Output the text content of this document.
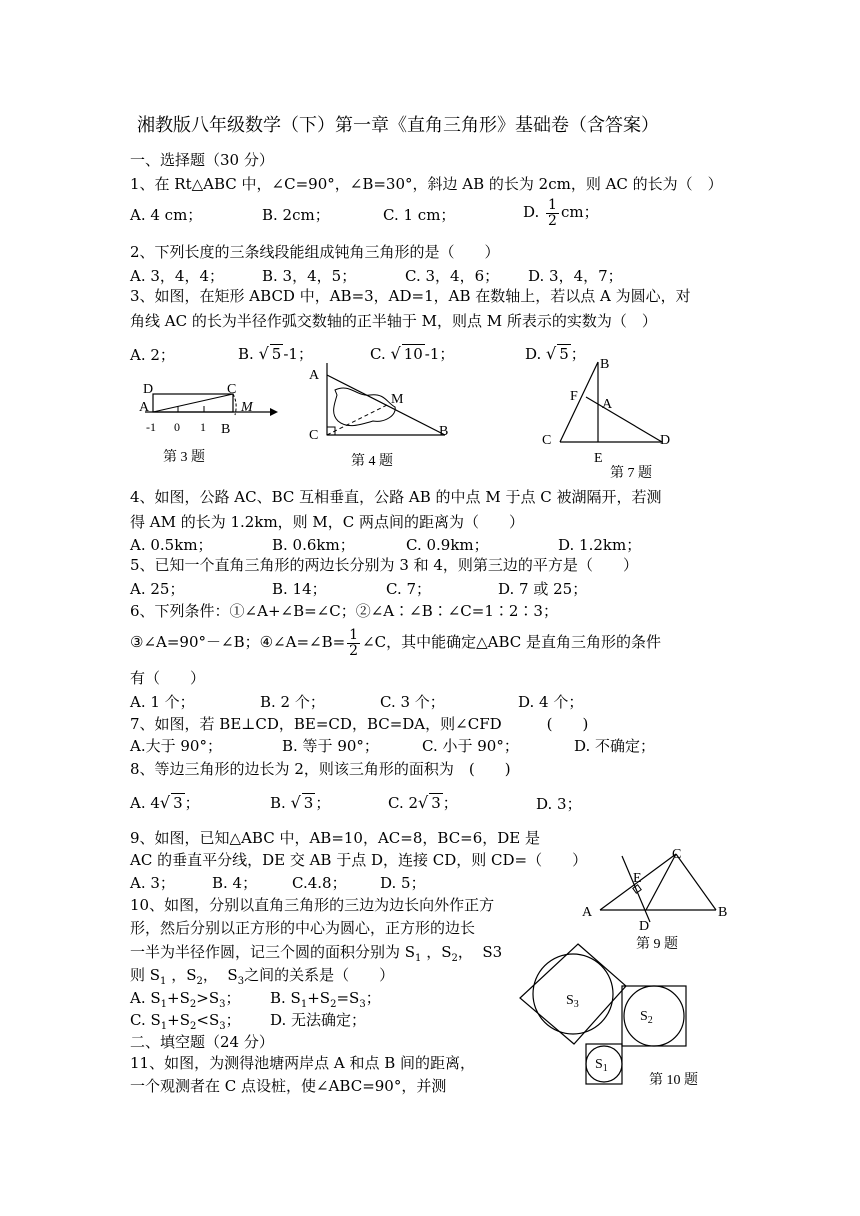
湘教版八年级数学（下）第一章《直角三角形》基础卷（含答案）
一、选择题（30 分）
1、在 Rt△ABC 中，∠C=90°，∠B=30°，斜边 AB 的长为 2cm，则 AC 的长为（　）
A. 4 cm；	B. 2cm；	C. 1 cm；	D. $\frac{1}{2}$ cm；
2、下列长度的三条线段能组成钝角三角形的是（　　）
A. 3，4，4；	B. 3，4，5；	C. 3，4，6； D. 3，4，7；
3、如图，在矩形 ABCD 中，AB=3，AD=1，AB 在数轴上，若以点 A 为圆心，对
角线 AC 的长为半径作弧交数轴的正半轴于 M，则点 M 所表示的实数为（　）
A. 2；	B. √ 5 -1；	C. √ 10 -1；	D. √ 5 ；
D	C
A	M
-1 0 1 B
第 3 题
A
M
C	B
第 4 题
B
F
A
C	D
E
第 7 题
4、如图，公路 AC、BC 互相垂直，公路 AB 的中点 M 于点 C 被湖隔开，若测
得 AM 的长为 1.2km，则 M，C 两点间的距离为（　　）
A. 0.5km；	B. 0.6km；	C. 0.9km；	D. 1.2km；
5、已知一个直角三角形的两边长分别为 3 和 4，则第三边的平方是（　　）
A. 25；	B. 14；	C. 7；	D. 7 或 25；
6、下列条件：①∠A+∠B=∠C；②∠A∶∠B∶∠C=1∶2∶3；
③∠A=90°－∠B；④∠A=∠B= $\frac{1}{2}$ ∠C，其中能确定△ABC 是直角三角形的条件
有（　　）
A. 1 个；	B. 2 个；	C. 3 个；	D. 4 个；
7、如图，若 BE⊥CD，BE=CD，BC=DA，则∠CFD　　　(　　)
A.大于 90°；	B. 等于 90°；	C. 小于 90°；	D. 不确定；
8、等边三角形的边长为 2，则该三角形的面积为　(　　)
A. 4√ 3 ；	B. √ 3 ；	C. 2√ 3 ；	D. 3；
9、如图，已知△ABC 中，AB=10，AC=8，BC=6，DE 是
AC 的垂直平分线，DE 交 AB 于点 D，连接 CD，则 CD=（　　）
A. 3； B. 4； C.4.8； D. 5；
C
E
A
D
B
第 9 题
10、如图，分别以直角三角形的三边为边长向外作正方
形，然后分别以正方形的中心为圆心，正方形的边长
一半为半径作圆，记三个圆的面积分别为 $S_1$ ，$S_2$，  S3
则 $S_1$ ，$S_2$，  $S_3$之间的关系是（　　）
A. $S_1+S_2>S_3$； B. $S_1+S_2=S_3$；
C. $S_1+S_2<S_3$； D. 无法确定；
$S_3$
$S_2$
$S_1$
第 10 题
二、填空题（24 分）
11、如图，为测得池塘两岸点 A 和点 B 间的距离，
一个观测者在 C 点设桩，使∠ABC=90°，并测
